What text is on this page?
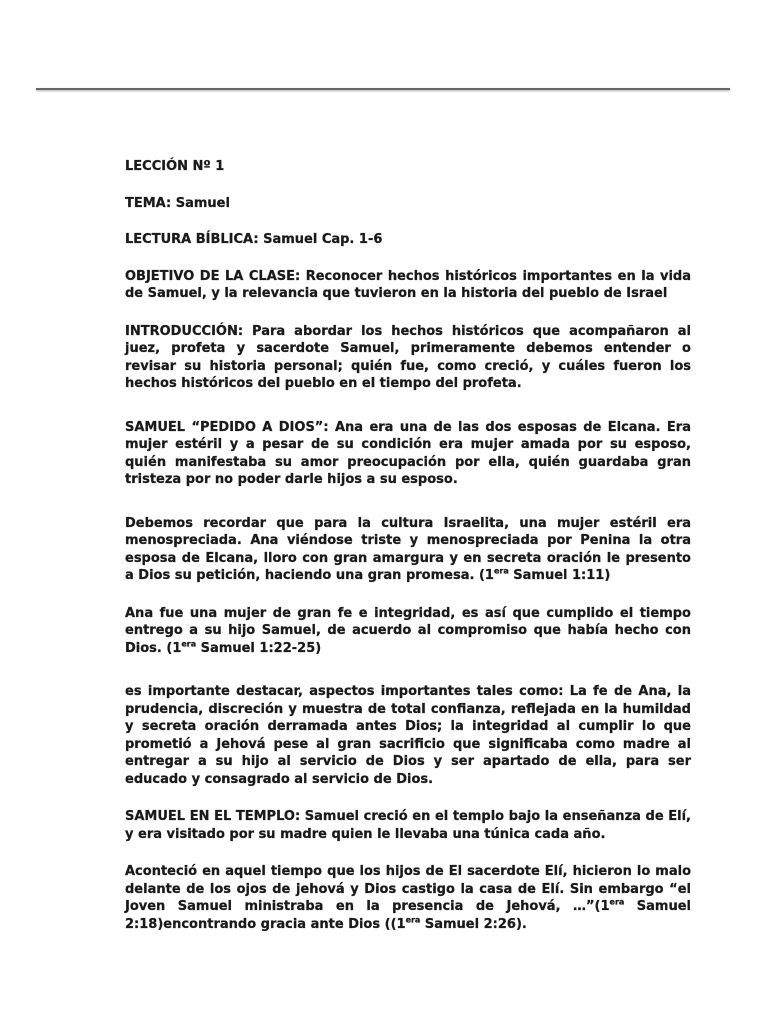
LECCIÓN Nº 1

TEMA: Samuel

LECTURA BÍBLICA: Samuel Cap. 1-6

OBJETIVO DE LA CLASE: Reconocer hechos históricos importantes en la vida de Samuel, y la relevancia que tuvieron en la historia del pueblo de Israel

INTRODUCCIÓN: Para abordar los hechos históricos que acompañaron al juez, profeta y sacerdote Samuel, primeramente debemos entender o revisar su historia personal; quién fue, como creció, y cuáles fueron los hechos históricos del pueblo en el tiempo del profeta.

SAMUEL “PEDIDO A DIOS”: Ana era una de las dos esposas de Elcana. Era mujer estéril y a pesar de su condición era mujer amada por su esposo, quién manifestaba su amor preocupación por ella, quién guardaba gran tristeza por no poder darle hijos a su esposo.

Debemos recordar que para la cultura Israelita, una mujer estéril era menospreciada. Ana viéndose triste y menospreciada por Penina la otra esposa de Elcana, lloro con gran amargura y en secreta oración le presento a Dios su petición, haciendo una gran promesa. ($1^{era}$ Samuel 1:11)

Ana fue una mujer de gran fe e integridad, es así que cumplido el tiempo entrego a su hijo Samuel, de acuerdo al compromiso que había hecho con Dios. ($1^{era}$ Samuel 1:22-25)

es importante destacar, aspectos importantes tales como: La fe de Ana, la prudencia, discreción y muestra de total confianza, reflejada en la humildad y secreta oración derramada antes Dios; la integridad al cumplir lo que prometió a Jehová pese al gran sacrificio que significaba como madre al entregar a su hijo al servicio de Dios y ser apartado de ella, para ser educado y consagrado al servicio de Dios.

SAMUEL EN EL TEMPLO: Samuel creció en el templo bajo la enseñanza de Elí, y era visitado por su madre quien le llevaba una túnica cada año.

Aconteció en aquel tiempo que los hijos de El sacerdote Elí, hicieron lo malo delante de los ojos de jehová y Dios castigo la casa de Elí. Sin embargo “el Joven Samuel ministraba en la presencia de Jehová, $\dots”(1^{era}$ Samuel 2:18)encontrando gracia ante Dios (($1^{era}$ Samuel 2:26).
